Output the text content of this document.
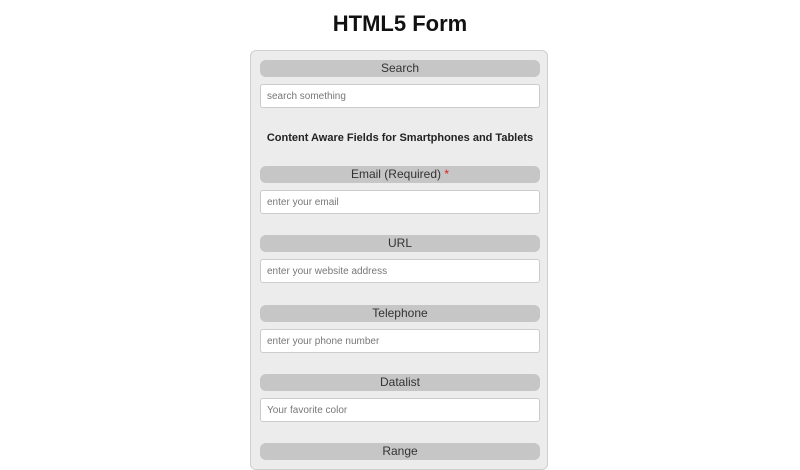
HTML5 Form
Search
search something
Content Aware Fields for Smartphones and Tablets
Email (Required) *
enter your email
URL
enter your website address
Telephone
enter your phone number
Datalist
Your favorite color
Range
